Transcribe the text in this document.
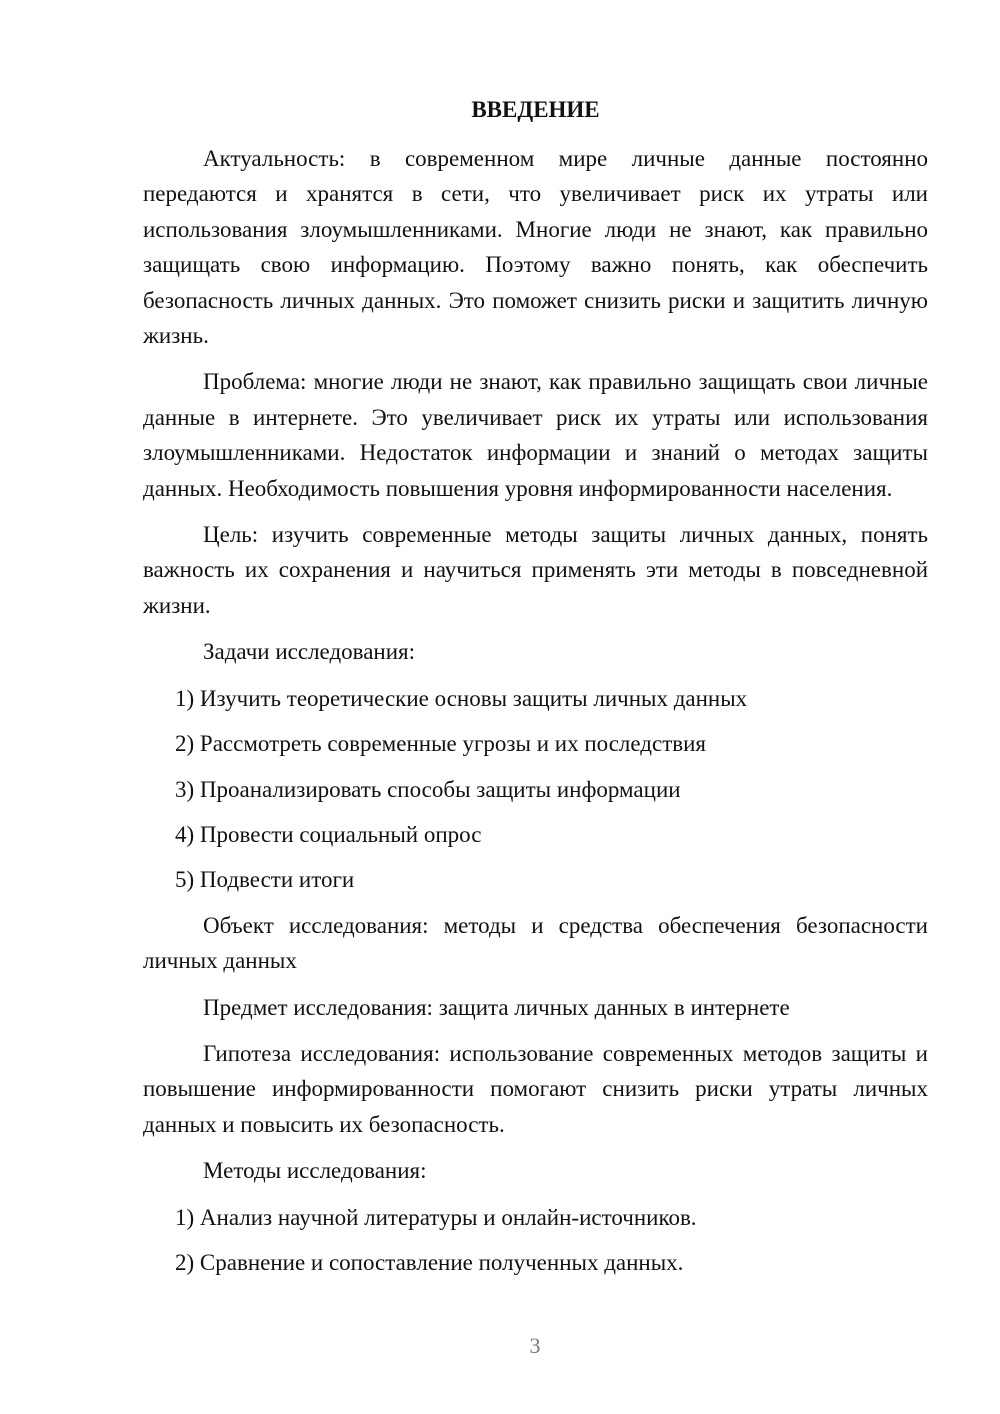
ВВЕДЕНИЕ
Актуальность: в современном мире личные данные постоянно передаются и хранятся в сети, что увеличивает риск их утраты или использования злоумышленниками. Многие люди не знают, как правильно защищать свою информацию. Поэтому важно понять, как обеспечить безопасность личных данных. Это поможет снизить риски и защитить личную жизнь.
Проблема: многие люди не знают, как правильно защищать свои личные данные в интернете. Это увеличивает риск их утраты или использования злоумышленниками. Недостаток информации и знаний о методах защиты данных. Необходимость повышения уровня информированности населения.
Цель: изучить современные методы защиты личных данных, понять важность их сохранения и научиться применять эти методы в повседневной жизни.
Задачи исследования:
1) Изучить теоретические основы защиты личных данных
2) Рассмотреть современные угрозы и их последствия
3) Проанализировать способы защиты информации
4) Провести социальный опрос
5) Подвести итоги
Объект исследования: методы и средства обеспечения безопасности личных данных
Предмет исследования: защита личных данных в интернете
Гипотеза исследования: использование современных методов защиты и повышение информированности помогают снизить риски утраты личных данных и повысить их безопасность.
Методы исследования:
1) Анализ научной литературы и онлайн-источников.
2) Сравнение и сопоставление полученных данных.
3
